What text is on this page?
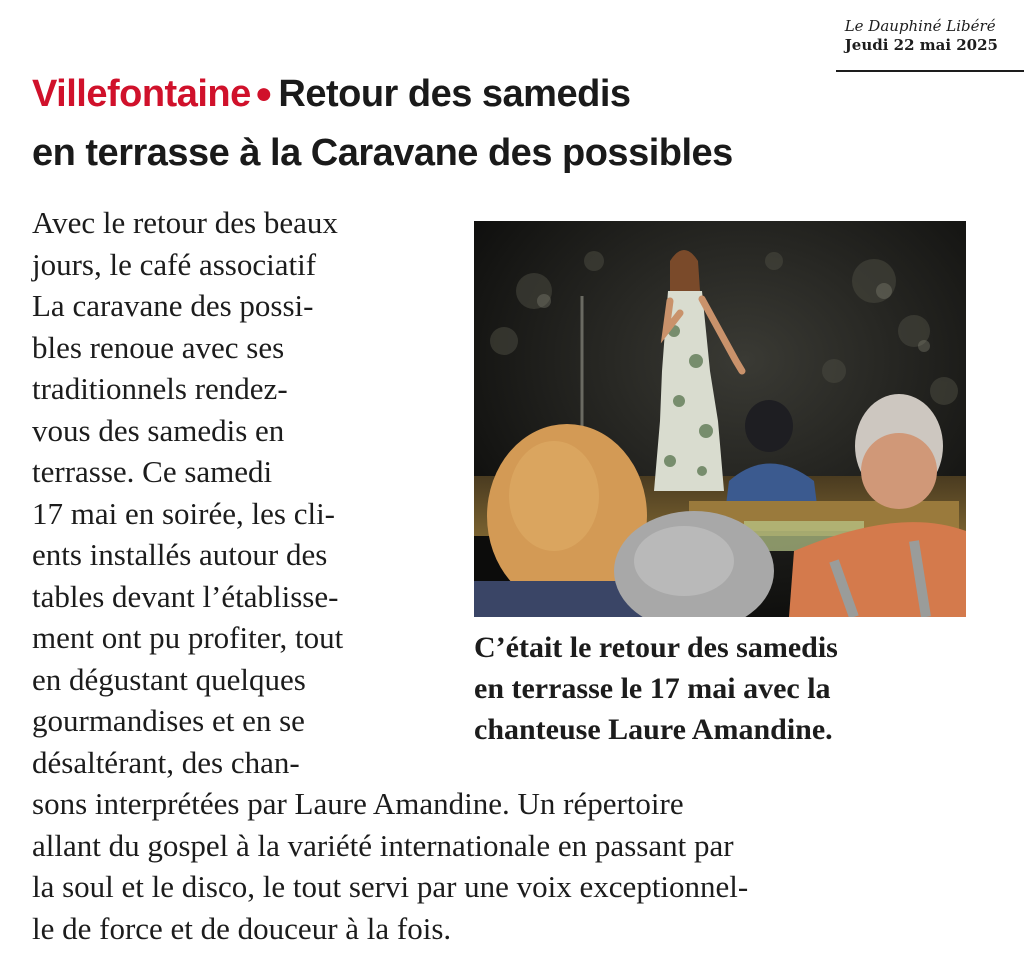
Le Dauphiné Libéré
Jeudi 22 mai 2025
Villefontaine ● Retour des samedis
en terrasse à la Caravane des possibles
Avec le retour des beaux
jours, le café associatif
La caravane des possi-
bles renoue avec ses
traditionnels rendez-
vous des samedis en
terrasse. Ce samedi
17 mai en soirée, les cli-
ents installés autour des
tables devant l’établisse-
ment ont pu profiter, tout
en dégustant quelques
gourmandises et en se
désaltérant, des chan-
C’était le retour des samedis
en terrasse le 17 mai avec la
chanteuse Laure Amandine.
sons interprétées par Laure Amandine. Un répertoire
allant du gospel à la variété internationale en passant par
la soul et le disco, le tout servi par une voix exceptionnel-
le de force et de douceur à la fois.
